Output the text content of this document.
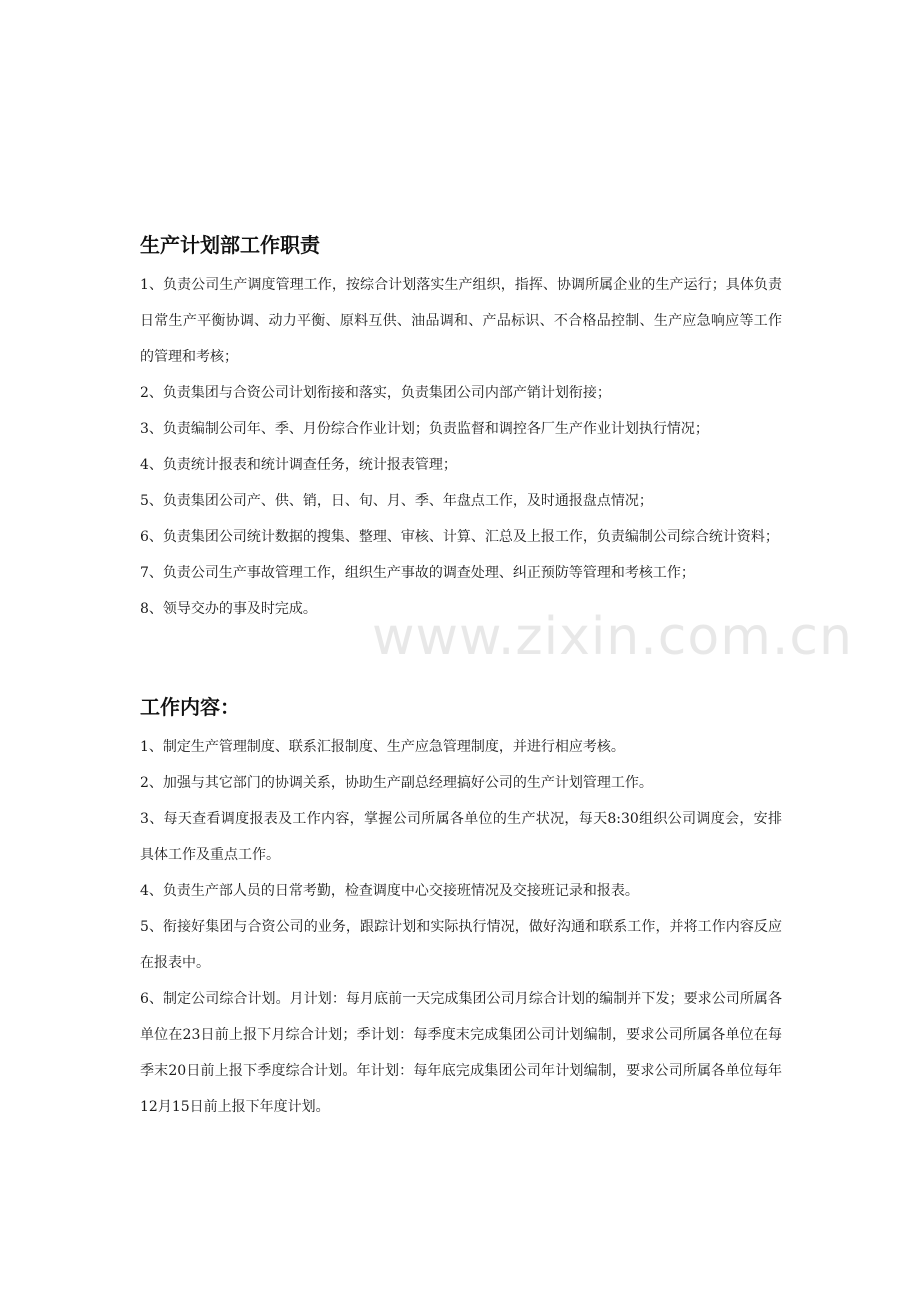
生产计划部工作职责

1、负责公司生产调度管理工作，按综合计划落实生产组织，指挥、协调所属企业的生产运行；具体负责日常生产平衡协调、动力平衡、原料互供、油品调和、产品标识、不合格品控制、生产应急响应等工作的管理和考核；

2、负责集团与合资公司计划衔接和落实，负责集团公司内部产销计划衔接；

3、负责编制公司年、季、月份综合作业计划；负责监督和调控各厂生产作业计划执行情况；

4、负责统计报表和统计调查任务，统计报表管理；

5、负责集团公司产、供、销，日、旬、月、季、年盘点工作，及时通报盘点情况；

6、负责集团公司统计数据的搜集、整理、审核、计算、汇总及上报工作，负责编制公司综合统计资料；

7、负责公司生产事故管理工作，组织生产事故的调查处理、纠正预防等管理和考核工作；

8、领导交办的事及时完成。

工作内容：

1、制定生产管理制度、联系汇报制度、生产应急管理制度，并进行相应考核。

2、加强与其它部门的协调关系，协助生产副总经理搞好公司的生产计划管理工作。

3、每天查看调度报表及工作内容，掌握公司所属各单位的生产状况，每天8:30组织公司调度会，安排具体工作及重点工作。

4、负责生产部人员的日常考勤，检查调度中心交接班情况及交接班记录和报表。

5、衔接好集团与合资公司的业务，跟踪计划和实际执行情况，做好沟通和联系工作，并将工作内容反应在报表中。

6、制定公司综合计划。月计划：每月底前一天完成集团公司月综合计划的编制并下发；要求公司所属各单位在23日前上报下月综合计划；季计划：每季度末完成集团公司计划编制，要求公司所属各单位在每季末20日前上报下季度综合计划。年计划：每年底完成集团公司年计划编制，要求公司所属各单位每年12月15日前上报下年度计划。

www.zixin.com.cn
